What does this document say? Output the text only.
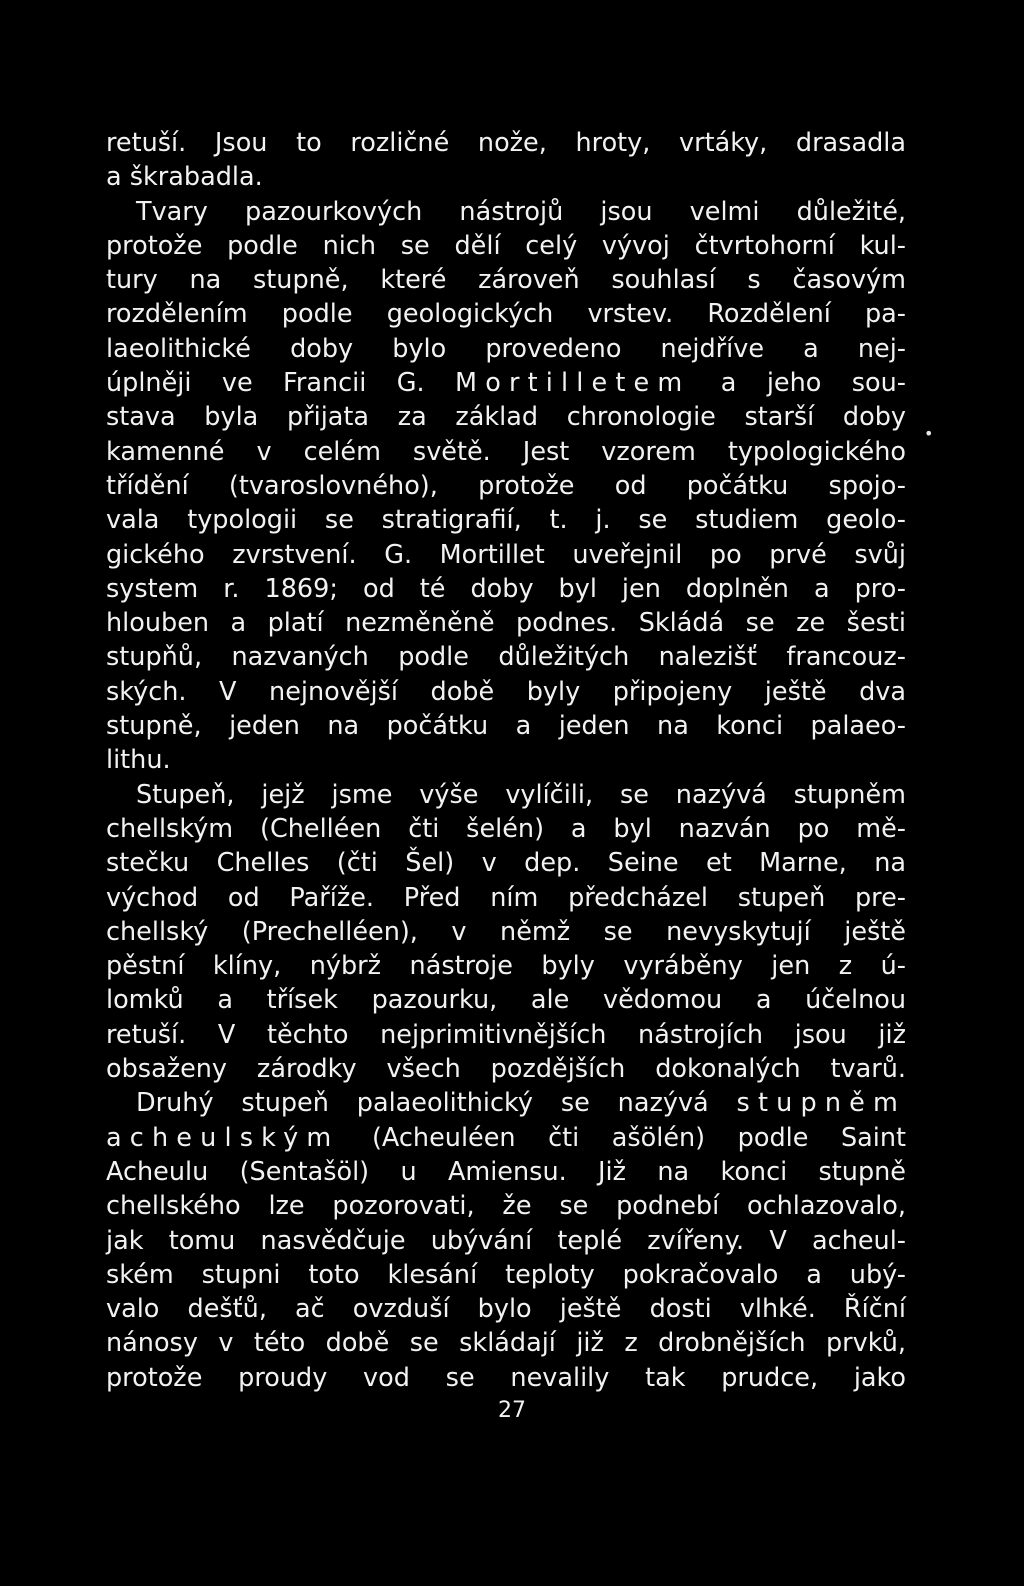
retuší. Jsou to rozličné nože, hroty, vrtáky, drasadla
a škrabadla.
Tvary pazourkových nástrojů jsou velmi důležité,
protože podle nich se dělí celý vývoj čtvrtohorní kul-
tury na stupně, které zároveň souhlasí s časovým
rozdělením podle geologických vrstev. Rozdělení pa-
laeolithické doby bylo provedeno nejdříve a nej-
úplněji ve Francii G. Mortilletem a jeho sou-
stava byla přijata za základ chronologie starší doby
kamenné v celém světě. Jest vzorem typologického
třídění (tvaroslovného), protože od počátku spojo-
vala typologii se stratigrafií, t. j. se studiem geolo-
gického zvrstvení. G. Mortillet uveřejnil po prvé svůj
system r. 1869; od té doby byl jen doplněn a pro-
hlouben a platí nezměněně podnes. Skládá se ze šesti
stupňů, nazvaných podle důležitých nalezišť francouz-
ských. V nejnovější době byly připojeny ještě dva
stupně, jeden na počátku a jeden na konci palaeo-
lithu.
Stupeň, jejž jsme výše vylíčili, se nazývá stupněm
chellským (Chelléen čti šelén) a byl nazván po mě-
stečku Chelles (čti Šel) v dep. Seine et Marne, na
východ od Paříže. Před ním předcházel stupeň pre-
chellský (Prechelléen), v němž se nevyskytují ještě
pěstní klíny, nýbrž nástroje byly vyráběny jen z ú-
lomků a třísek pazourku, ale vědomou a účelnou
retuší. V těchto nejprimitivnějších nástrojích jsou již
obsaženy zárodky všech pozdějších dokonalých tvarů.
Druhý stupeň palaeolithický se nazývá stupněm
acheulským (Acheuléen čti ašölén) podle Saint
Acheulu (Sentašöl) u Amiensu. Již na konci stupně
chellského lze pozorovati, že se podnebí ochlazovalo,
jak tomu nasvědčuje ubývání teplé zvířeny. V acheul-
ském stupni toto klesání teploty pokračovalo a ubý-
valo dešťů, ač ovzduší bylo ještě dosti vlhké. Říční
nánosy v této době se skládají již z drobnějších prvků,
protože proudy vod se nevalily tak prudce, jako
•
27
